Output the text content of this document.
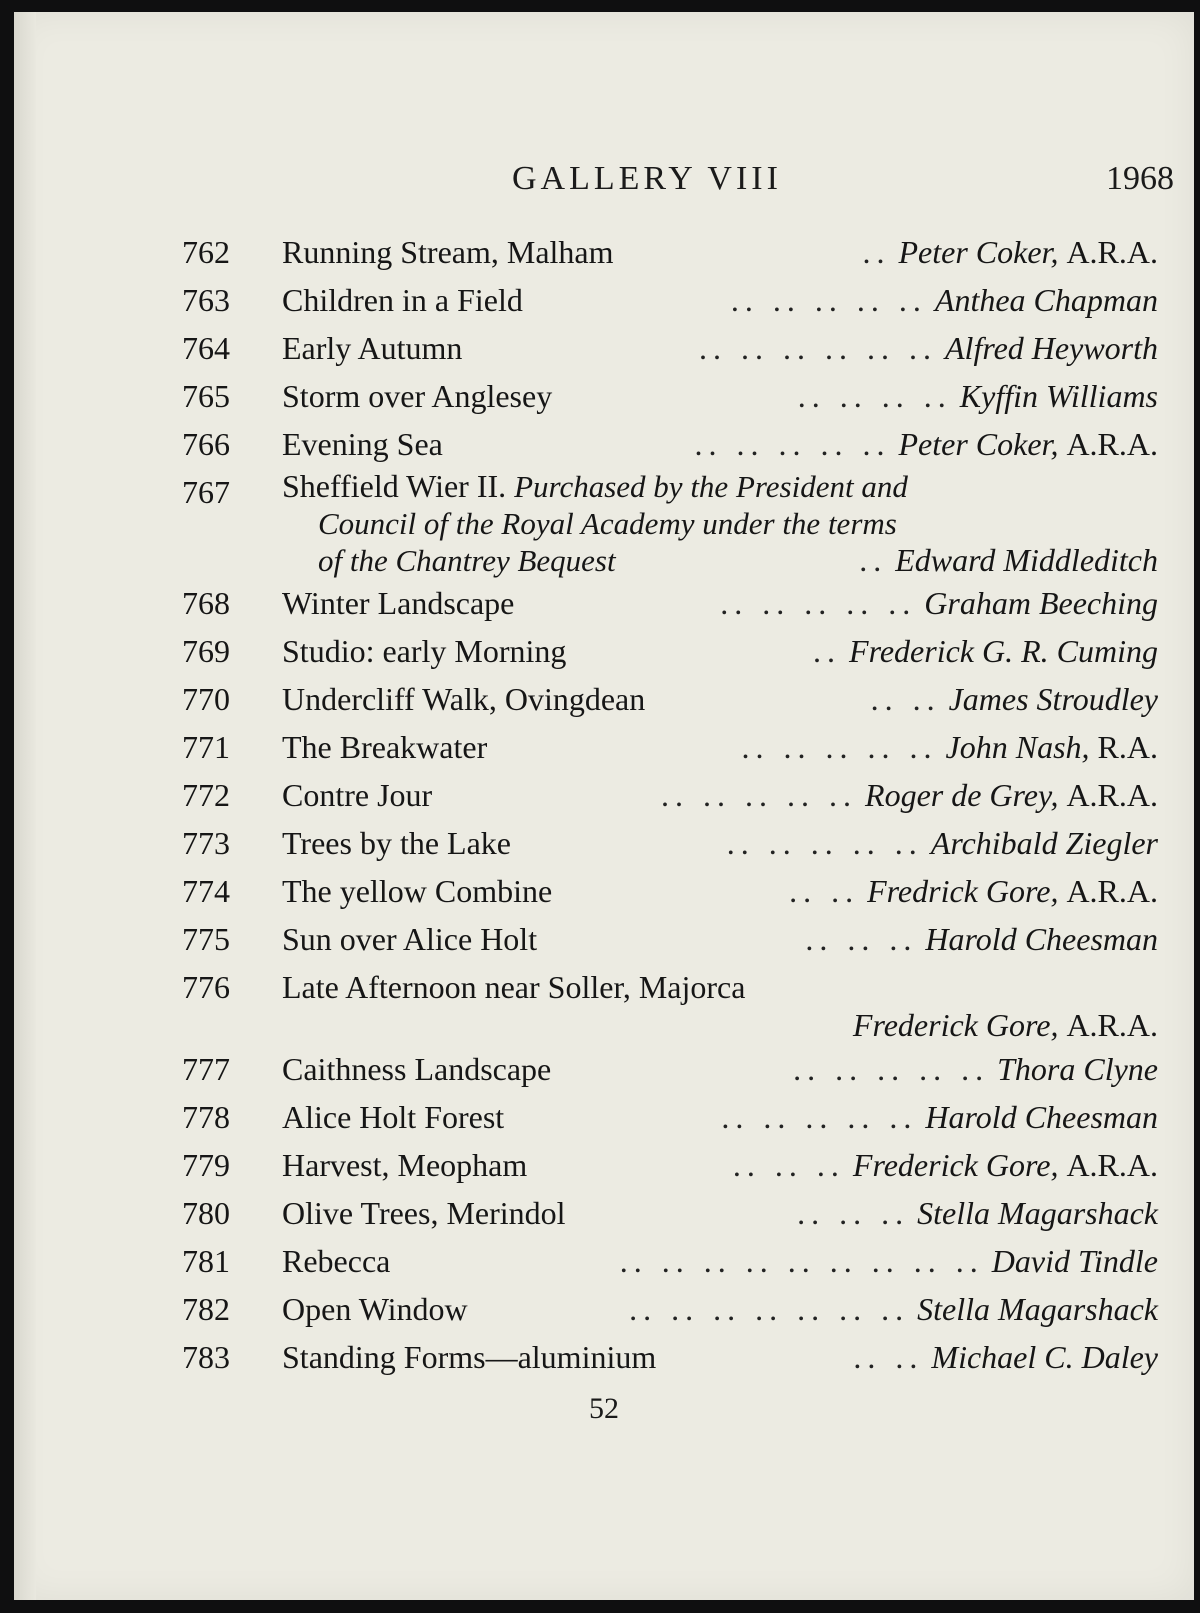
GALLERY VIII	1968
762	Running Stream, Malham	.. Peter Coker, A.R.A.
763	Children in a Field	.. .. .. .. .. Anthea Chapman
764	Early Autumn	.. .. .. .. .. .. Alfred Heyworth
765	Storm over Anglesey	.. .. .. .. Kyffin Williams
766	Evening Sea	.. .. .. .. .. Peter Coker, A.R.A.
767	Sheffield Wier II.
Purchased by the President and
Council of the Royal Academy under the terms
of the Chantrey Bequest	.. Edward Middleditch
768	Winter Landscape	.. .. .. .. .. Graham Beeching
769	Studio: early Morning	.. Frederick G. R. Cuming
770	Undercliff Walk, Ovingdean	.. .. James Stroudley
771	The Breakwater	.. .. .. .. .. John Nash, R.A.
772	Contre Jour	.. .. .. .. .. Roger de Grey, A.R.A.
773	Trees by the Lake	.. .. .. .. .. Archibald Ziegler
774	The yellow Combine	.. .. Fredrick Gore, A.R.A.
775	Sun over Alice Holt	.. .. .. Harold Cheesman
776	Late Afternoon near Soller, Majorca
Frederick Gore, A.R.A.
777	Caithness Landscape	.. .. .. .. .. Thora Clyne
778	Alice Holt Forest	.. .. .. .. .. Harold Cheesman
779	Harvest, Meopham	.. .. .. Frederick Gore, A.R.A.
780	Olive Trees, Merindol	.. .. .. Stella Magarshack
781	Rebecca	.. .. .. .. .. .. .. .. .. David Tindle
782	Open Window	.. .. .. .. .. .. .. Stella Magarshack
783	Standing Forms—aluminium	.. .. Michael C. Daley
52
